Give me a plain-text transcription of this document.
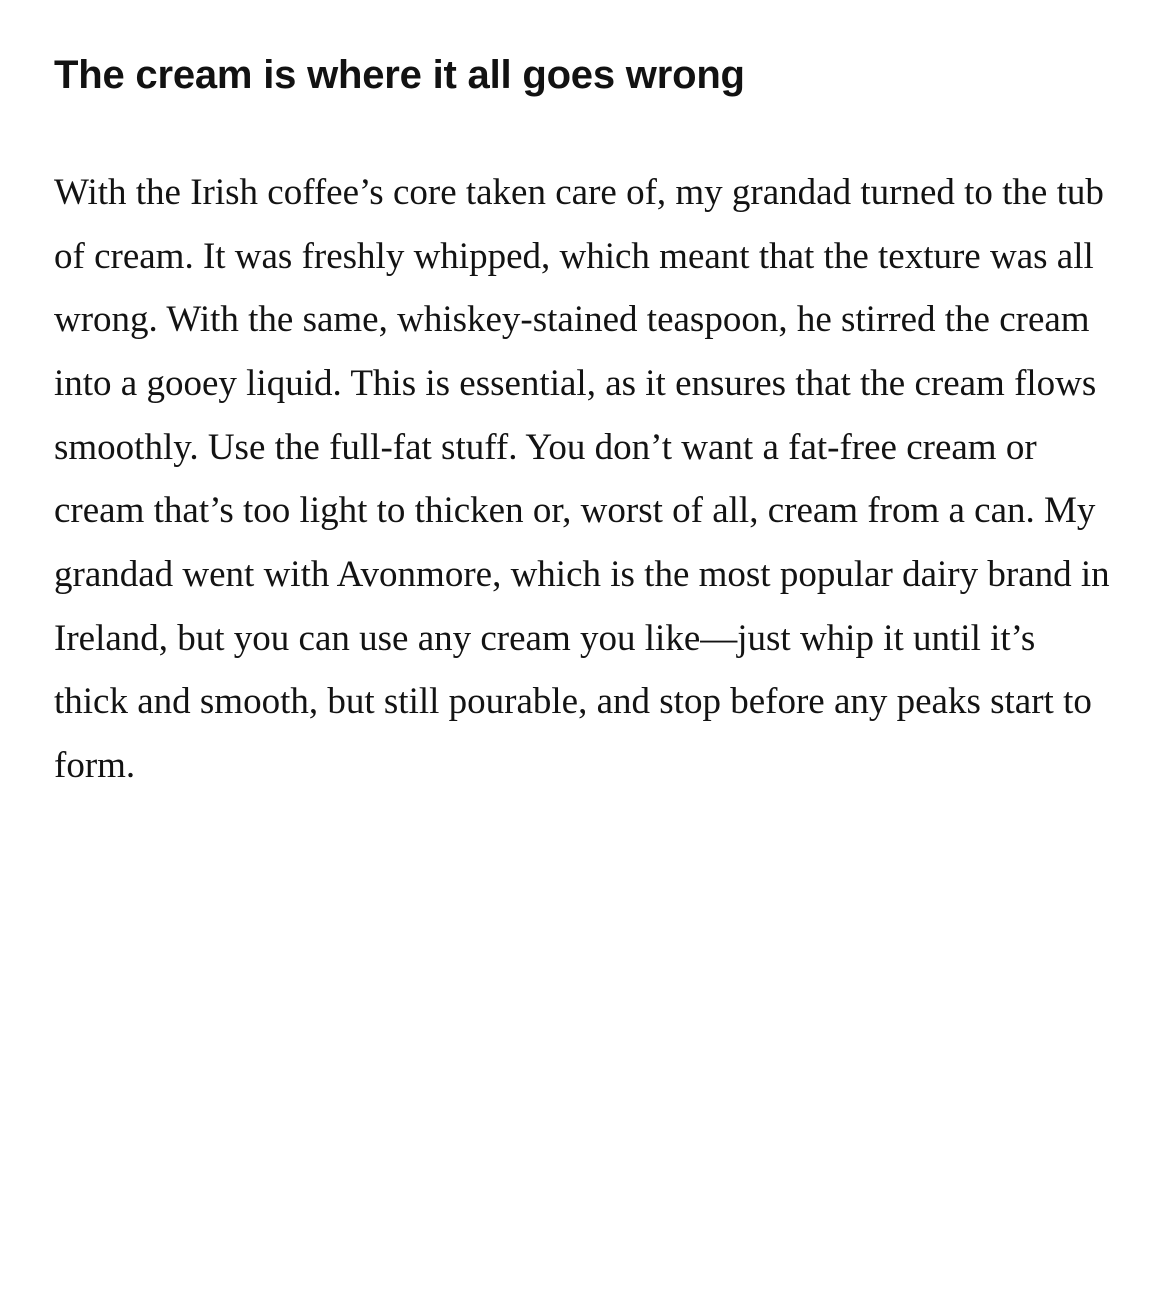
The cream is where it all goes wrong

With the Irish coffee’s core taken care of, my grandad turned to the tub of cream. It was freshly whipped, which meant that the texture was all wrong. With the same, whiskey-stained teaspoon, he stirred the cream into a gooey liquid. This is essential, as it ensures that the cream flows smoothly. Use the full-fat stuff. You don’t want a fat-free cream or cream that’s too light to thicken or, worst of all, cream from a can. My grandad went with Avonmore, which is the most popular dairy brand in Ireland, but you can use any cream you like—just whip it until it’s thick and smooth, but still pourable, and stop before any peaks start to form.
